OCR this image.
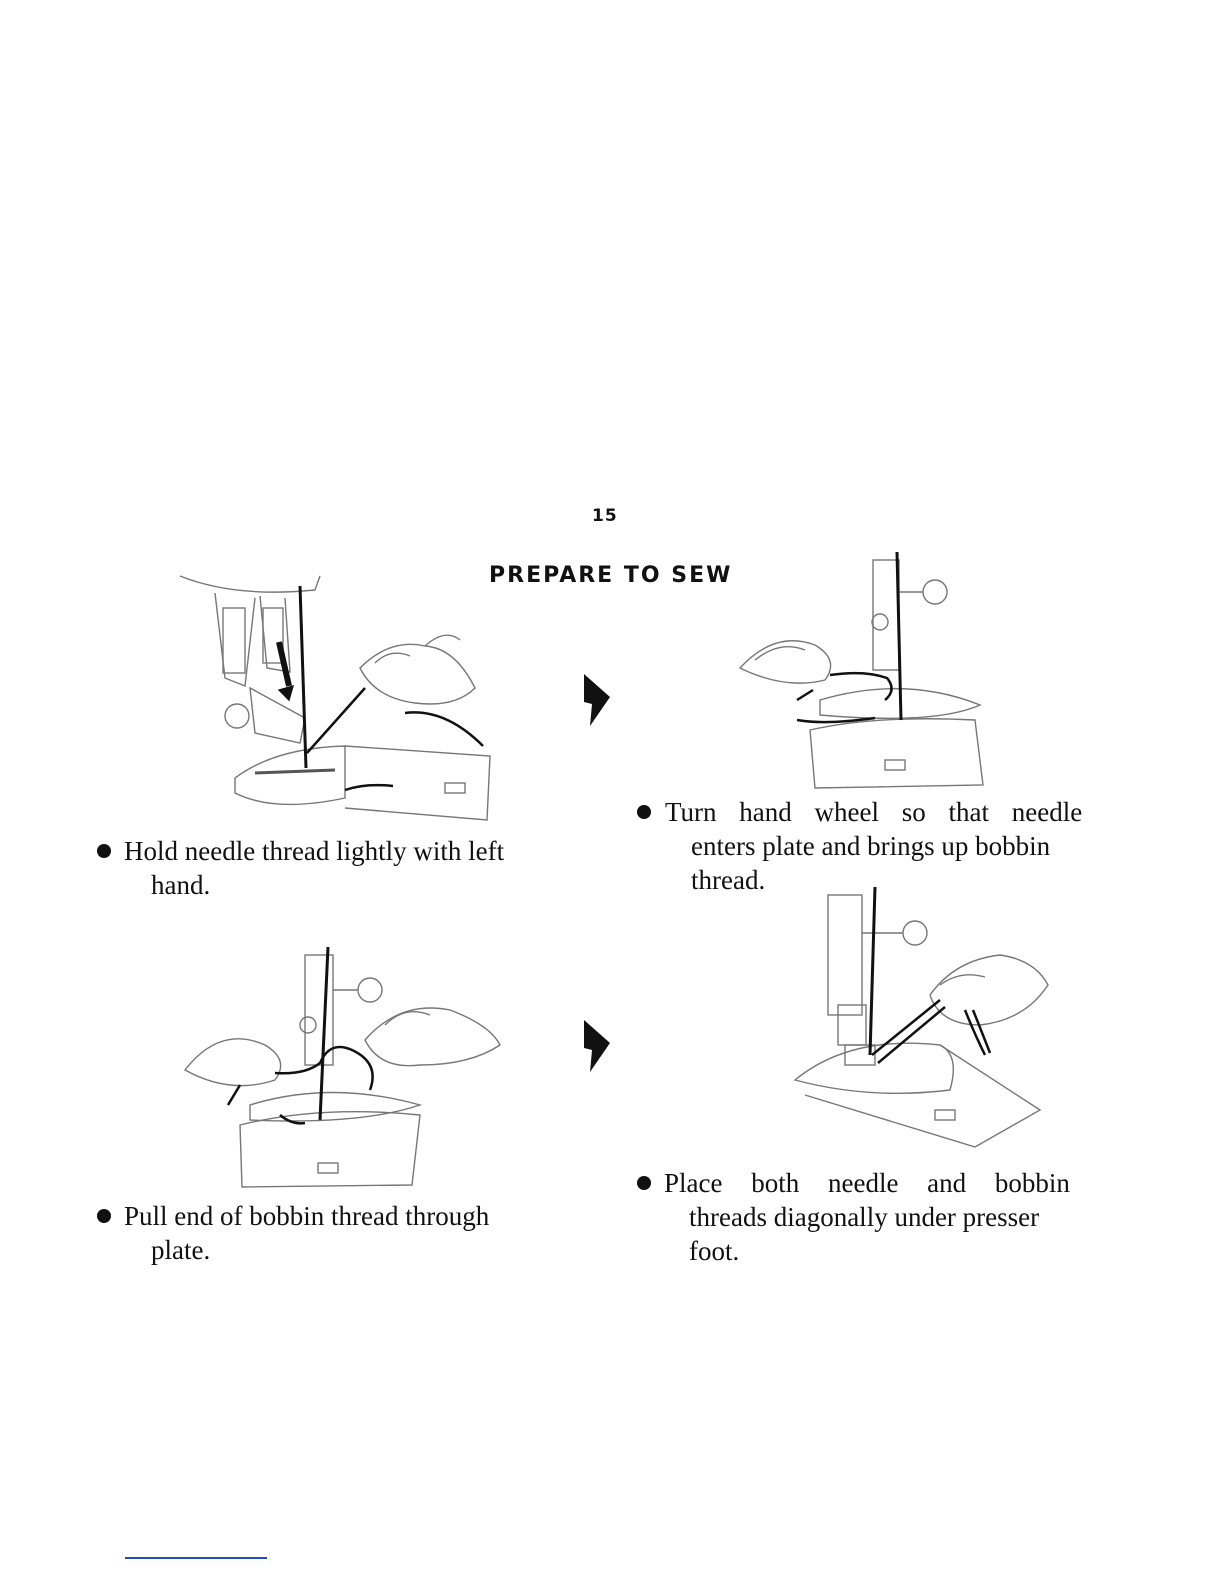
15
PREPARE TO SEW
Hold needle thread lightly with left
hand.
Turn hand wheel so that needle
enters plate and brings up bobbin
thread.
Pull end of bobbin thread through
plate.
Place both needle and bobbin
threads diagonally under presser
foot.
